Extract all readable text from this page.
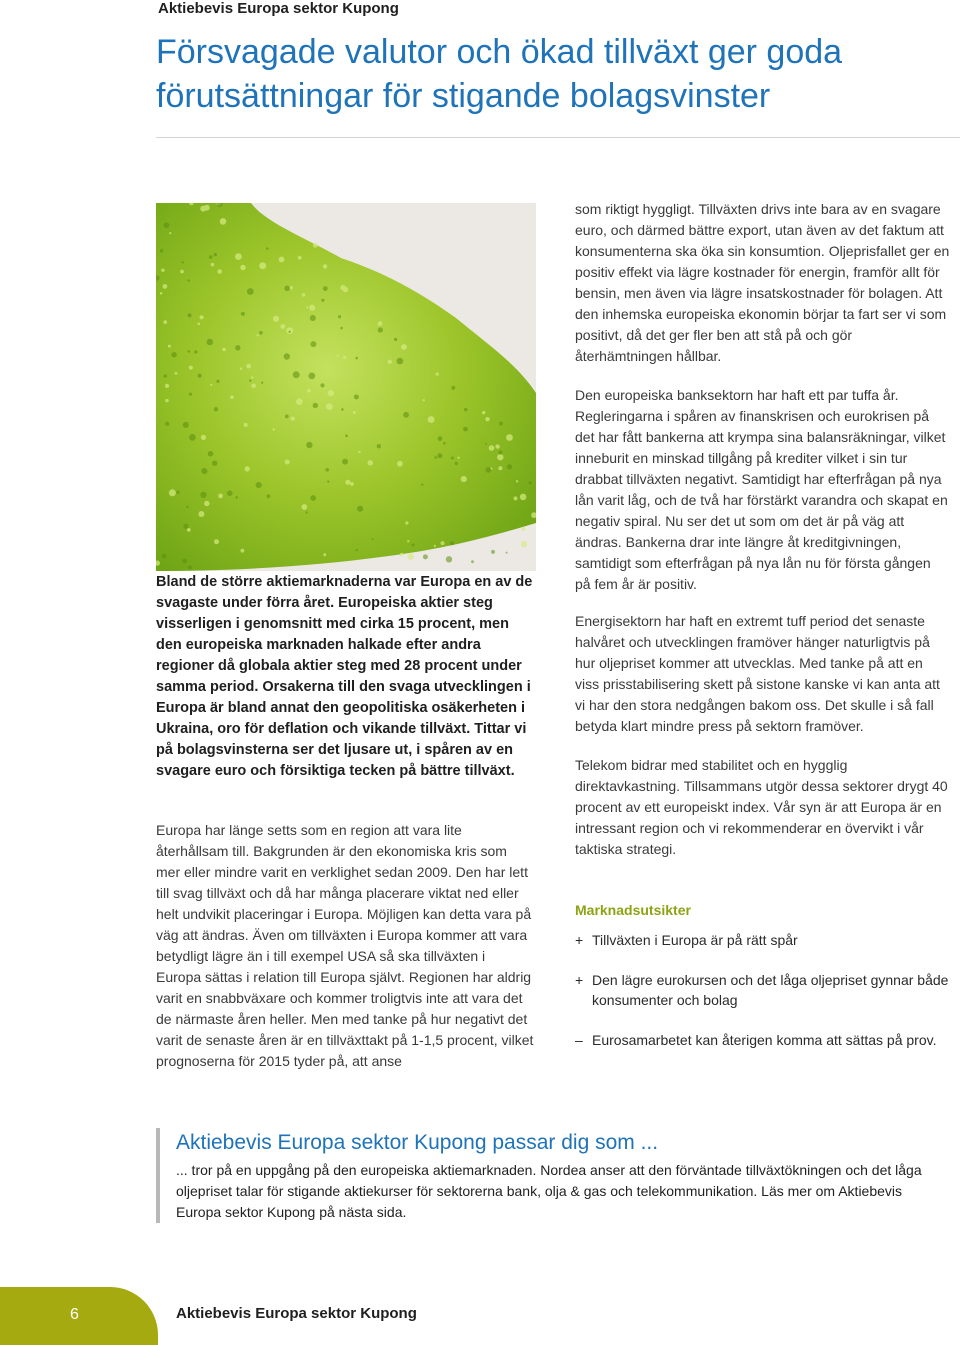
Aktiebevis Europa sektor Kupong
Försvagade valutor och ökad tillväxt ger goda förutsättningar för stigande bolagsvinster
Bland de större aktiemarknaderna var Europa en av de svagaste under förra året. Europeiska aktier steg visserligen i genomsnitt med cirka 15 procent, men den europeiska marknaden halkade efter andra regioner då globala aktier steg med 28 procent under samma period. Orsakerna till den svaga utvecklingen i Europa är bland annat den geopolitiska osäkerheten i Ukraina, oro för deflation och vikande tillväxt. Tittar vi på bolagsvinsterna ser det ljusare ut, i spåren av en svagare euro och försiktiga tecken på bättre tillväxt.
Europa har länge setts som en region att vara lite återhållsam till. Bakgrunden är den ekonomiska kris som mer eller mindre varit en verklighet sedan 2009. Den har lett till svag tillväxt och då har många placerare viktat ned eller helt undvikit placeringar i Europa. Möjligen kan detta vara på väg att ändras. Även om tillväxten i Europa kommer att vara betydligt lägre än i till exempel USA så ska tillväxten i Europa sättas i relation till Europa självt. Regionen har aldrig varit en snabbväxare och kommer troligtvis inte att vara det de närmaste åren heller. Men med tanke på hur negativt det varit de senaste åren är en tillväxttakt på 1-1,5 procent, vilket prognoserna för 2015 tyder på, att anse

som riktigt hyggligt. Tillväxten drivs inte bara av en svagare euro, och därmed bättre export, utan även av det faktum att konsumenterna ska öka sin konsumtion. Oljeprisfallet ger en positiv effekt via lägre kostnader för energin, framför allt för bensin, men även via lägre insatskostnader för bolagen. Att den inhemska europeiska ekonomin börjar ta fart ser vi som positivt, då det ger fler ben att stå på och gör återhämtningen hållbar.

Den europeiska banksektorn har haft ett par tuffa år. Regleringarna i spåren av finanskrisen och eurokrisen på det har fått bankerna att krympa sina balansräkningar, vilket inneburit en minskad tillgång på krediter vilket i sin tur drabbat tillväxten negativt. Samtidigt har efterfrågan på nya lån varit låg, och de två har förstärkt varandra och skapat en negativ spiral. Nu ser det ut som om det är på väg att ändras. Bankerna drar inte längre åt kreditgivningen, samtidigt som efterfrågan på nya lån nu för första gången på fem år är positiv.

Energisektorn har haft en extremt tuff period det senaste halvåret och utvecklingen framöver hänger naturligtvis på hur oljepriset kommer att utvecklas. Med tanke på att en viss prisstabilisering skett på sistone kanske vi kan anta att vi har den stora nedgången bakom oss. Det skulle i så fall betyda klart mindre press på sektorn framöver.

Telekom bidrar med stabilitet och en hygglig direktavkastning. Tillsammans utgör dessa sektorer drygt 40 procent av ett europeiskt index. Vår syn är att Europa är en intressant region och vi rekommenderar en övervikt i vår taktiska strategi.

Marknadsutsikter
+ Tillväxten i Europa är på rätt spår
+ Den lägre eurokursen och det låga oljepriset gynnar både konsumenter och bolag
– Eurosamarbetet kan återigen komma att sättas på prov.
Aktiebevis Europa sektor Kupong passar dig som ...
... tror på en uppgång på den europeiska aktiemarknaden. Nordea anser att den förväntade tillväxtökningen och det låga oljepriset talar för stigande aktiekurser för sektorerna bank, olja & gas och telekommunikation. Läs mer om Aktiebevis Europa sektor Kupong på nästa sida.
6	Aktiebevis Europa sektor Kupong
